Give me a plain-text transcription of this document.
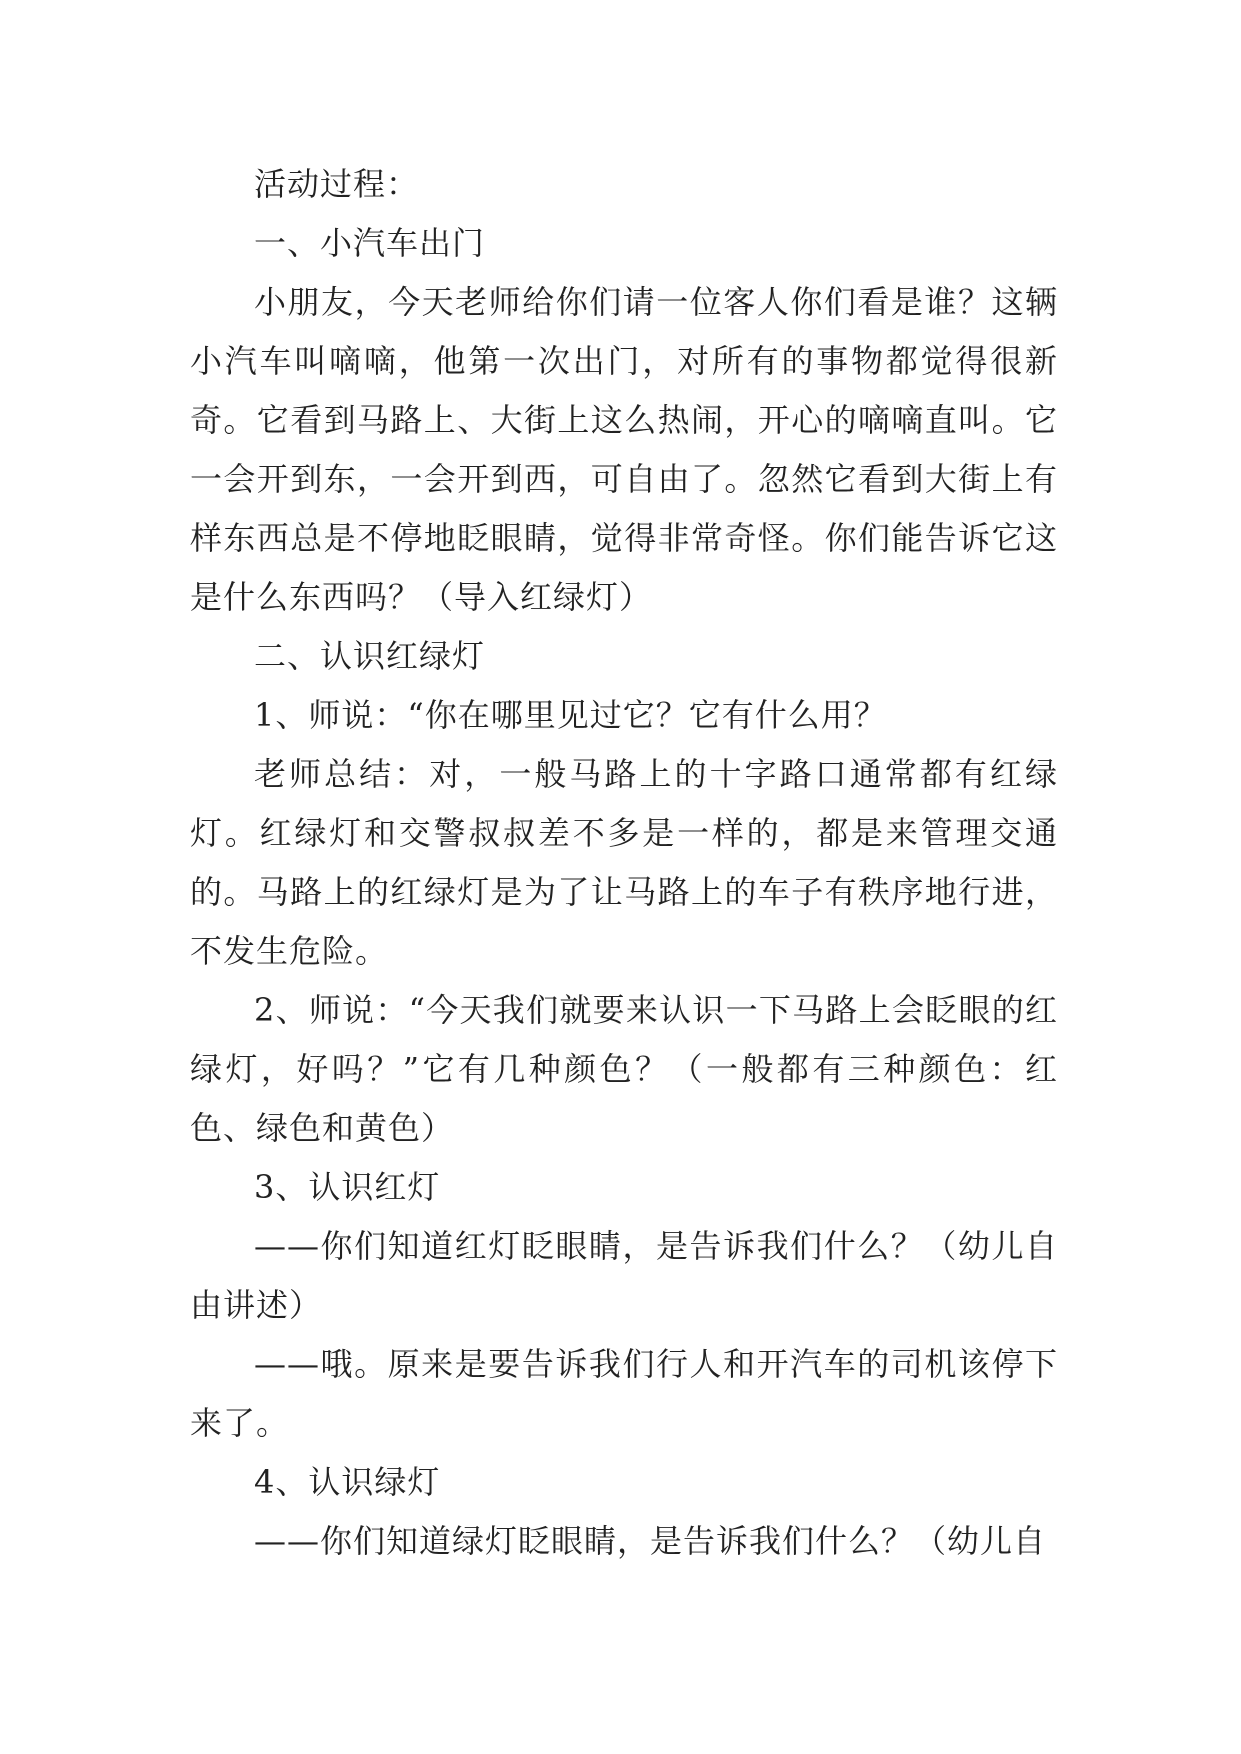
活动过程：

一、小汽车出门

小朋友，今天老师给你们请一位客人你们看是谁？这辆小汽车叫嘀嘀，他第一次出门，对所有的事物都觉得很新奇。它看到马路上、大街上这么热闹，开心的嘀嘀直叫。它一会开到东，一会开到西，可自由了。忽然它看到大街上有样东西总是不停地眨眼睛，觉得非常奇怪。你们能告诉它这是什么东西吗？（导入红绿灯）

二、认识红绿灯

1、师说：“你在哪里见过它？它有什么用？

老师总结：对，一般马路上的十字路口通常都有红绿灯。红绿灯和交警叔叔差不多是一样的，都是来管理交通的。马路上的红绿灯是为了让马路上的车子有秩序地行进，不发生危险。

2、师说：“今天我们就要来认识一下马路上会眨眼的红绿灯，好吗？”它有几种颜色？（一般都有三种颜色：红色、绿色和黄色）

3、认识红灯

——你们知道红灯眨眼睛，是告诉我们什么？（幼儿自由讲述）

——哦。原来是要告诉我们行人和开汽车的司机该停下来了。

4、认识绿灯

——你们知道绿灯眨眼睛，是告诉我们什么？（幼儿自
